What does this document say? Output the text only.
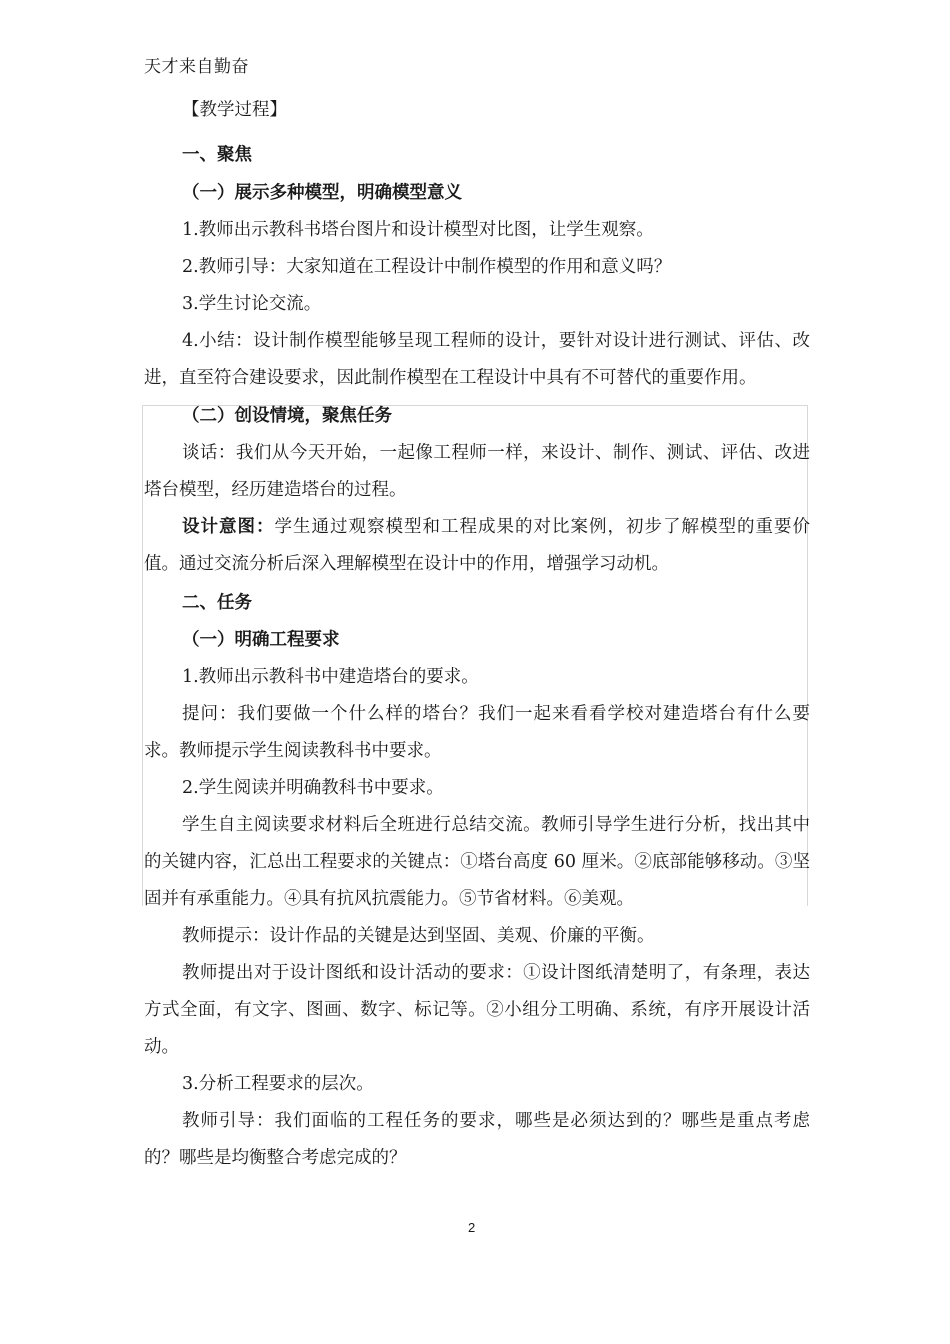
天才来自勤奋
【教学过程】
一、聚焦
（一）展示多种模型，明确模型意义
1.教师出示教科书塔台图片和设计模型对比图，让学生观察。
2.教师引导：大家知道在工程设计中制作模型的作用和意义吗？
3.学生讨论交流。
4.小结：设计制作模型能够呈现工程师的设计，要针对设计进行测试、评估、改进，直至符合建设要求，因此制作模型在工程设计中具有不可替代的重要作用。
（二）创设情境，聚焦任务
谈话：我们从今天开始，一起像工程师一样，来设计、制作、测试、评估、改进塔台模型，经历建造塔台的过程。
设计意图：学生通过观察模型和工程成果的对比案例，初步了解模型的重要价值。通过交流分析后深入理解模型在设计中的作用，增强学习动机。
二、任务
（一）明确工程要求
1.教师出示教科书中建造塔台的要求。
提问：我们要做一个什么样的塔台？我们一起来看看学校对建造塔台有什么要求。教师提示学生阅读教科书中要求。
2.学生阅读并明确教科书中要求。
学生自主阅读要求材料后全班进行总结交流。教师引导学生进行分析，找出其中的关键内容，汇总出工程要求的关键点：①塔台高度 60 厘米。②底部能够移动。③坚固并有承重能力。④具有抗风抗震能力。⑤节省材料。⑥美观。
教师提示：设计作品的关键是达到坚固、美观、价廉的平衡。
教师提出对于设计图纸和设计活动的要求：①设计图纸清楚明了，有条理，表达方式全面，有文字、图画、数字、标记等。②小组分工明确、系统，有序开展设计活动。
3.分析工程要求的层次。
教师引导：我们面临的工程任务的要求，哪些是必须达到的？哪些是重点考虑的？哪些是均衡整合考虑完成的？
2
